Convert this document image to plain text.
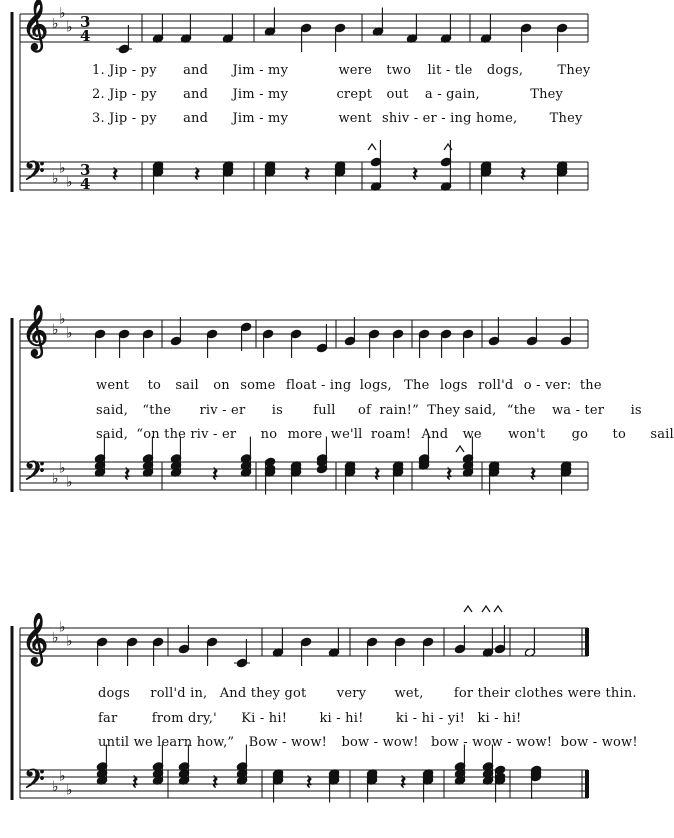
𝄞
𝄢
♭
♭
♭
♭
♭
♭
3
4
3
4 𝄽	𝄽	𝄽	𝄽	𝄽
𝄞
𝄢
♭
♭
♭
♭
♭
♭	𝄽	𝄽	𝄽	𝄽	𝄽
𝄞
𝄢
♭
♭
♭
♭
♭
♭	𝄽	𝄽	𝄽	𝄽
1. Jip - py and Jim - my	were two lit - tle dogs,	They
2. Jip - py and Jim - my	crept out a - gain,	They
3. Jip - py and Jim - my	went shiv - er - ing home, They
went to sail on some float - ing logs, The logs roll'd o - ver: the
said, “the riv - er is full of rain!” They said, “the wa - ter is
said, “on the riv - er no more we'll roam! And we won't go to sail
dogs roll'd in, And they got very wet, for their clothes were thin.
far	from dry,' Ki - hi! ki - hi! ki - hi - yi! ki - hi!
until we learn how,” Bow - wow! bow - wow! bow - wow - wow! bow - wow!
